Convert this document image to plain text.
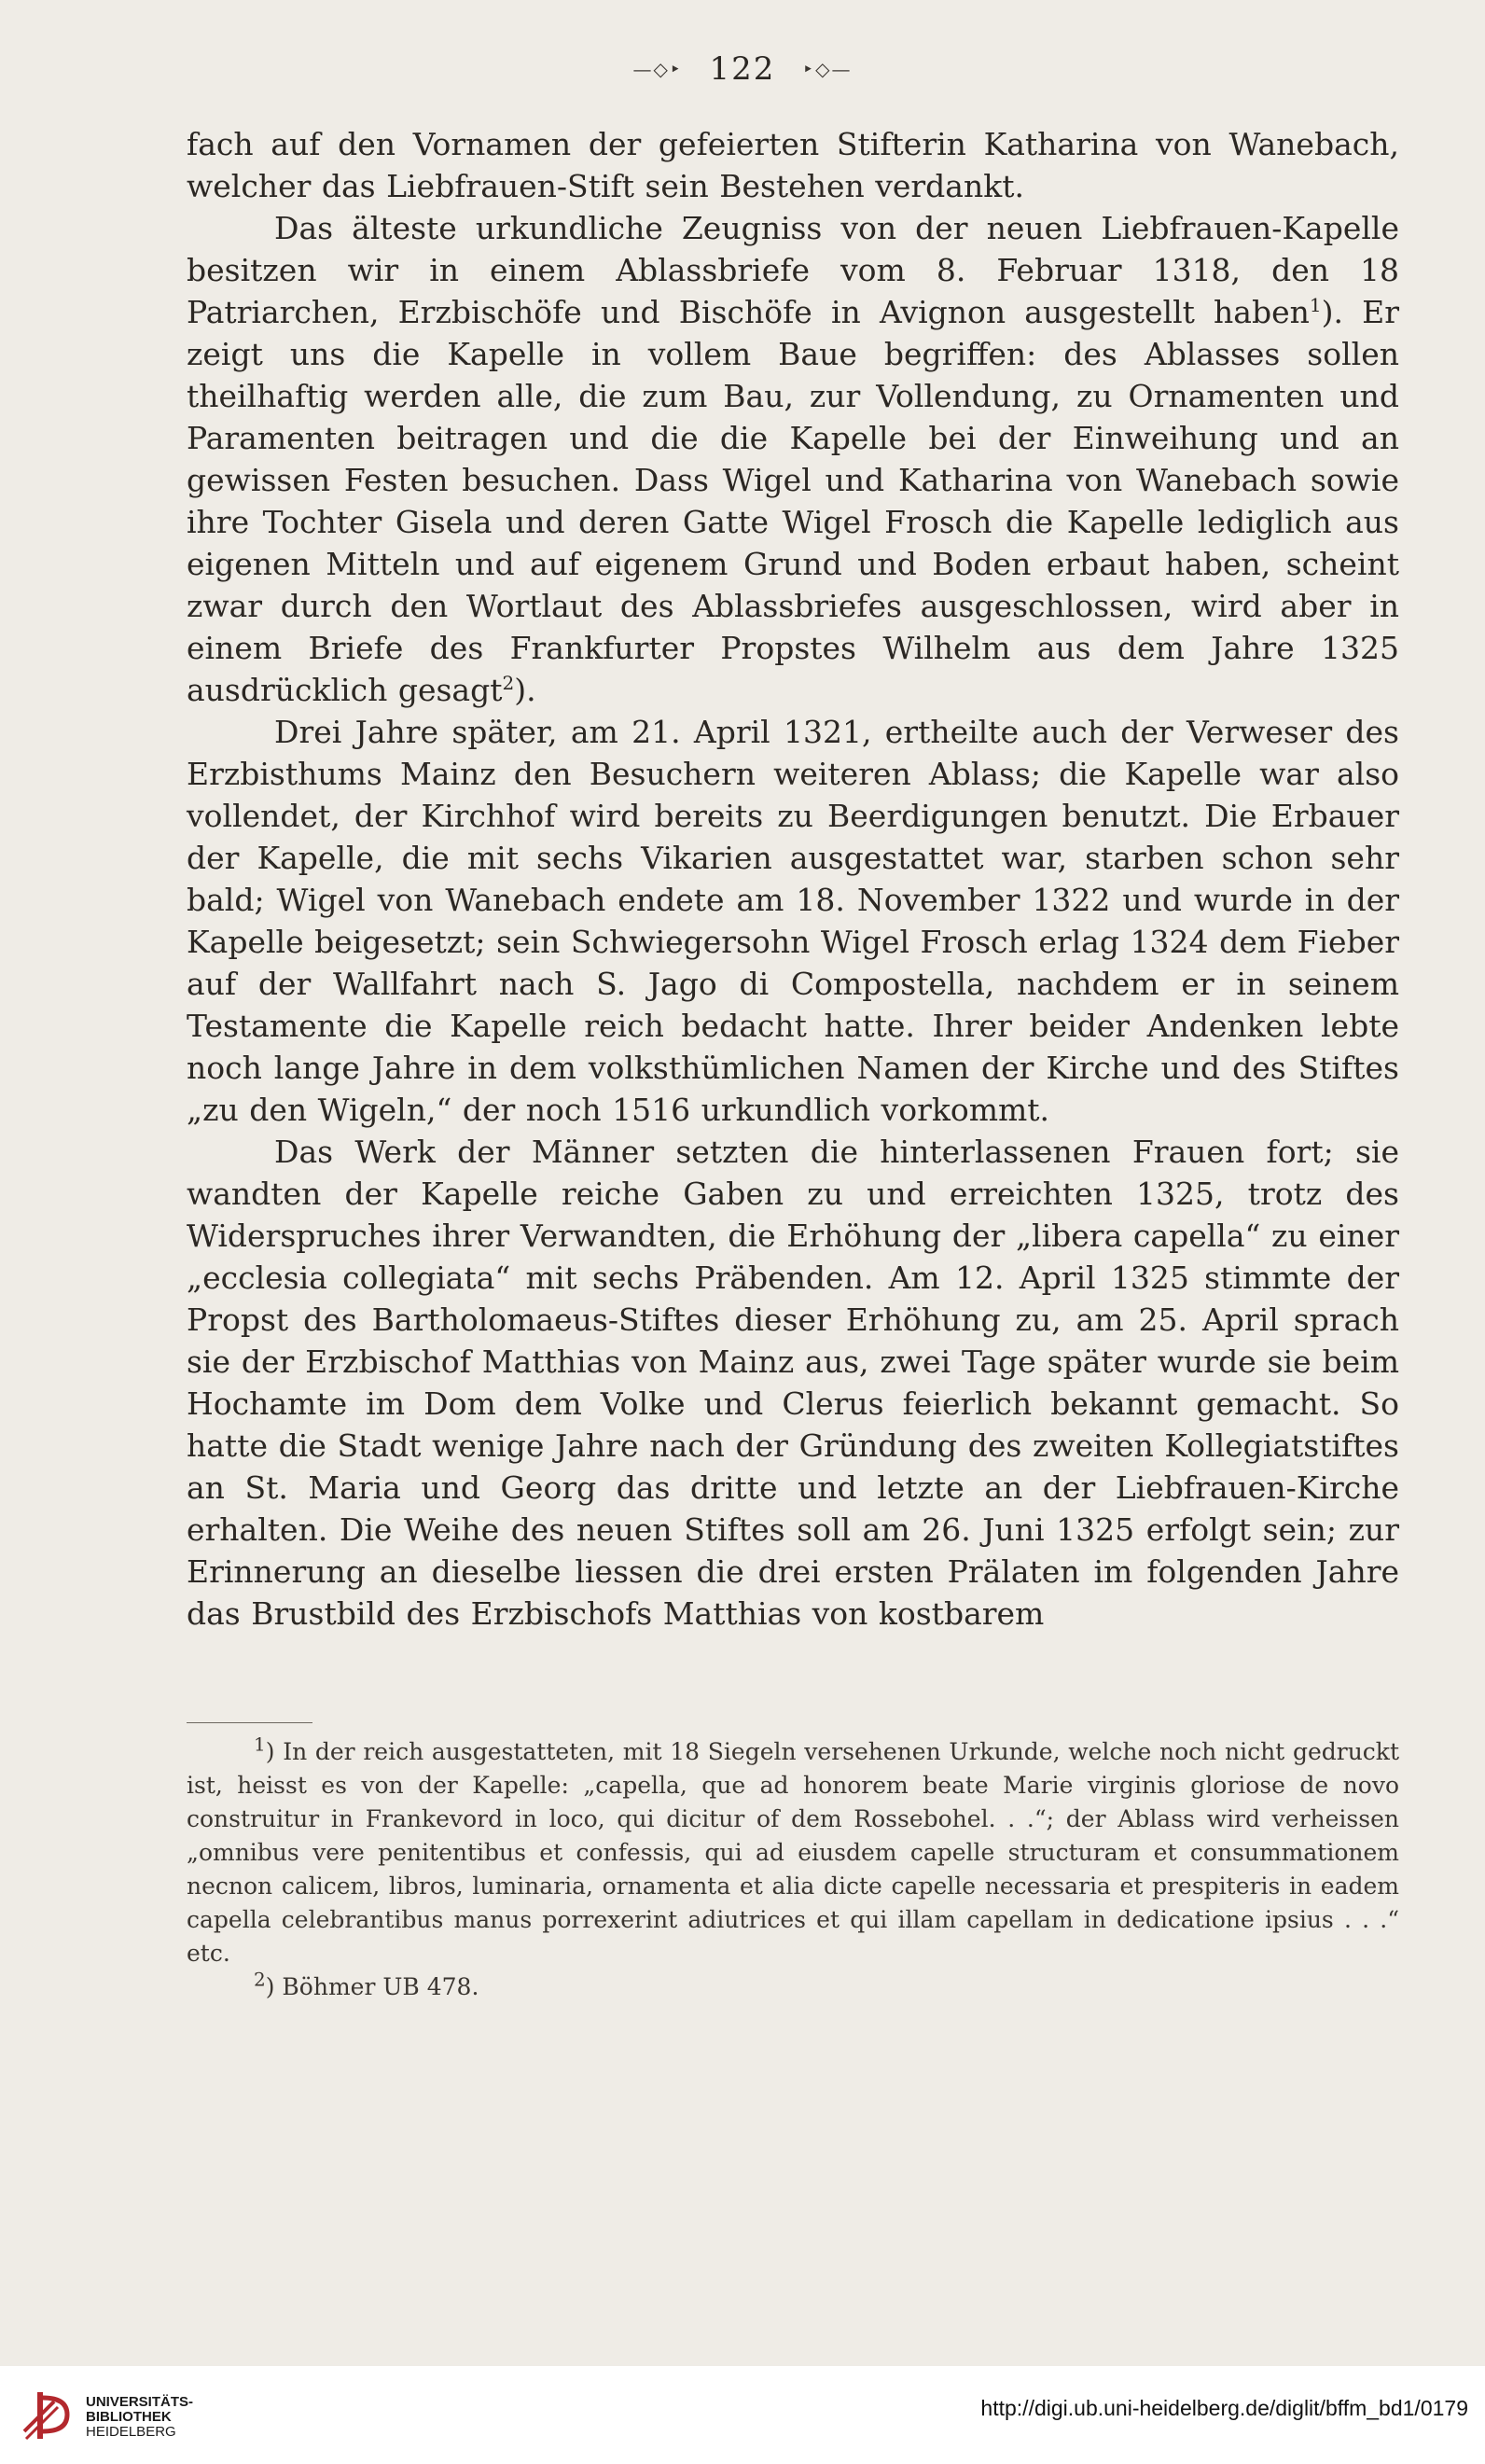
—◇‣ 122 ‣◇—

fach auf den Vornamen der gefeierten Stifterin Katharina von Wanebach, welcher das Liebfrauen-Stift sein Bestehen verdankt.

Das älteste urkundliche Zeugniss von der neuen Liebfrauen-Kapelle besitzen wir in einem Ablassbriefe vom 8. Februar 1318, den 18 Patriarchen, Erzbischöfe und Bischöfe in Avignon ausgestellt haben$^1$). Er zeigt uns die Kapelle in vollem Baue begriffen: des Ablasses sollen theilhaftig werden alle, die zum Bau, zur Vollendung, zu Ornamenten und Paramenten beitragen und die die Kapelle bei der Einweihung und an gewissen Festen besuchen. Dass Wigel und Katharina von Wanebach sowie ihre Tochter Gisela und deren Gatte Wigel Frosch die Kapelle lediglich aus eigenen Mitteln und auf eigenem Grund und Boden erbaut haben, scheint zwar durch den Wortlaut des Ablassbriefes ausgeschlossen, wird aber in einem Briefe des Frankfurter Propstes Wilhelm aus dem Jahre 1325 ausdrücklich gesagt$^2$).

Drei Jahre später, am 21. April 1321, ertheilte auch der Verweser des Erzbisthums Mainz den Besuchern weiteren Ablass; die Kapelle war also vollendet, der Kirchhof wird bereits zu Beerdigungen benutzt. Die Erbauer der Kapelle, die mit sechs Vikarien ausgestattet war, starben schon sehr bald; Wigel von Wanebach endete am 18. November 1322 und wurde in der Kapelle beigesetzt; sein Schwiegersohn Wigel Frosch erlag 1324 dem Fieber auf der Wallfahrt nach S. Jago di Compostella, nachdem er in seinem Testamente die Kapelle reich bedacht hatte. Ihrer beider Andenken lebte noch lange Jahre in dem volksthümlichen Namen der Kirche und des Stiftes „zu den Wigeln,“ der noch 1516 urkundlich vorkommt.

Das Werk der Männer setzten die hinterlassenen Frauen fort; sie wandten der Kapelle reiche Gaben zu und erreichten 1325, trotz des Widerspruches ihrer Verwandten, die Erhöhung der „libera capella“ zu einer „ecclesia collegiata“ mit sechs Präbenden. Am 12. April 1325 stimmte der Propst des Bartholomaeus-Stiftes dieser Erhöhung zu, am 25. April sprach sie der Erzbischof Matthias von Mainz aus, zwei Tage später wurde sie beim Hochamte im Dom dem Volke und Clerus feierlich bekannt gemacht. So hatte die Stadt wenige Jahre nach der Gründung des zweiten Kollegiatstiftes an St. Maria und Georg das dritte und letzte an der Liebfrauen-Kirche erhalten. Die Weihe des neuen Stiftes soll am 26. Juni 1325 erfolgt sein; zur Erinnerung an dieselbe liessen die drei ersten Prälaten im folgenden Jahre das Brustbild des Erzbischofs Matthias von kostbarem

$^1$) In der reich ausgestatteten, mit 18 Siegeln versehenen Urkunde, welche noch nicht gedruckt ist, heisst es von der Kapelle: „capella, que ad honorem beate Marie virginis gloriose de novo construitur in Frankevord in loco, qui dicitur of dem Rossebohel. . .“; der Ablass wird verheissen „omnibus vere penitentibus et confessis, qui ad eiusdem capelle structuram et consummationem necnon calicem, libros, luminaria, ornamenta et alia dicte capelle necessaria et prespiteris in eadem capella celebrantibus manus porrexerint adiutrices et qui illam capellam in dedicatione ipsius . . .“ etc.

$^2$) Böhmer UB 478.

UNIVERSITÄTS-
BIBLIOTHEK
HEIDELBERG
http://digi.ub.uni-heidelberg.de/diglit/bffm_bd1/0179
